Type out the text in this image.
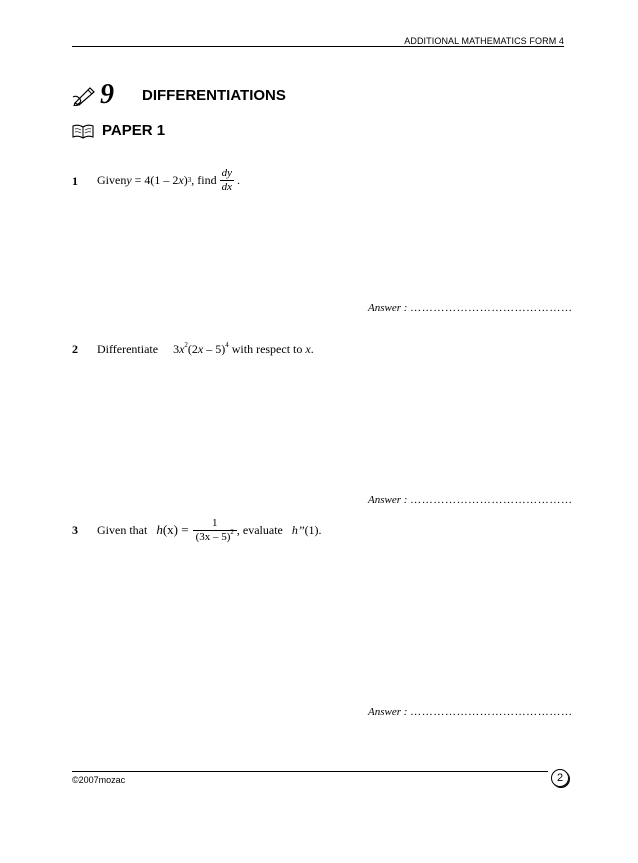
ADDITIONAL MATHEMATICS FORM 4
9 DIFFERENTIATIONS
PAPER 1
1 Given y = 4(1 – 2 x ) 3 , find $\frac{dy}{dx}$ .
Answer : ……………………………………
2 Differentiate $3x^2(2x - 5)^4$ with respect to x.
Answer : ……………………………………
3 Given that h $(x) = \frac{1}{(3x - 5)^2}$ , evaluate h’’ (1).
Answer : ……………………………………
©2007mozac	2
